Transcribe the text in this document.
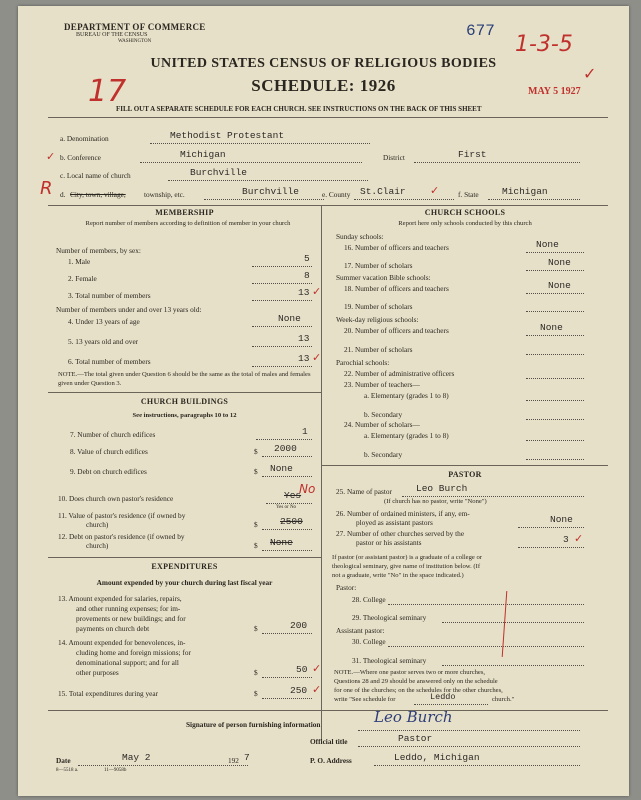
DEPARTMENT OF COMMERCE
BUREAU OF THE CENSUS
WASHINGTON
677
1-3-5
✓
UNITED STATES CENSUS OF RELIGIOUS BODIES
SCHEDULE: 1926
17	MAY 5 1927
FILL OUT A SEPARATE SCHEDULE FOR EACH CHURCH. SEE INSTRUCTIONS ON THE BACK OF THIS SHEET
a. Denomination	Methodist Protestant
✓ b. Conference	Michigan	District	First
c. Local name of church	Burchville
R d. City, town, village,	township, etc.	Burchville	e. County St.Clair ✓	f. State Michigan
MEMBERSHIP
Report number of members according to definition of member in your church
Number of members, by sex:
1. Male	5
2. Female	8
3. Total number of members	13 ✓
Number of members under and over 13 years old:
4. Under 13 years of age	None
5. 13 years old and over	13
6. Total number of members	13 ✓
NOTE.—The total given under Question 6 should be the same as the total of males and females given under Question 3.
CHURCH BUILDINGS
See instructions, paragraphs 10 to 12
7. Number of church edifices	1
8. Value of church edifices	$ 2000
9. Debt on church edifices	$ None
10. Does church own pastor's residence	Yes
No
Yes or No
11. Value of pastor's residence (if owned by
church)	$ 2500
12. Debt on pastor's residence (if owned by
church)	$ None
EXPENDITURES
Amount expended by your church during last fiscal year
13. Amount expended for salaries, repairs,
and other running expenses; for im-
provements or new buildings; and for
payments on church debt	$	200
14. Amount expended for benevolences, in-
cluding home and foreign missions; for
denominational support; and for all
other purposes	$	50 ✓
15. Total expenditures during year	$	250 ✓
CHURCH SCHOOLS
Report here only schools conducted by this church
Sunday schools:
16. Number of officers and teachers	None
17. Number of scholars	None
Summer vacation Bible schools:
18. Number of officers and teachers	None
19. Number of scholars
Week-day religious schools:
20. Number of officers and teachers	None
21. Number of scholars
Parochial schools:
22. Number of administrative officers
23. Number of teachers—
a. Elementary (grades 1 to 8)
b. Secondary
24. Number of scholars—
a. Elementary (grades 1 to 8)
b. Secondary
PASTOR
25. Name of pastor	Leo Burch
(If church has no pastor, write "None")
26. Number of ordained ministers, if any, em-
ployed as assistant pastors	None
27. Number of other churches served by the
pastor or his assistants	3 ✓
If pastor (or assistant pastor) is a graduate of a college or
theological seminary, give name of institution below. (If
not a graduate, write "No" in the space indicated.)
Pastor:
28. College
29. Theological seminary
Assistant pastor:
30. College
31. Theological seminary
NOTE.—Where one pastor serves two or more churches,
Questions 28 and 29 should be answered only on the schedule
for one of the churches; on the schedules for the other churches,
write "See schedule for	Leddo	church."
Signature of person furnishing information	Leo Burch
Official title	Pastor
Date	May 2	192 7	P. O. Address	Leddo, Michigan
8—5518 a.	11—9058b
